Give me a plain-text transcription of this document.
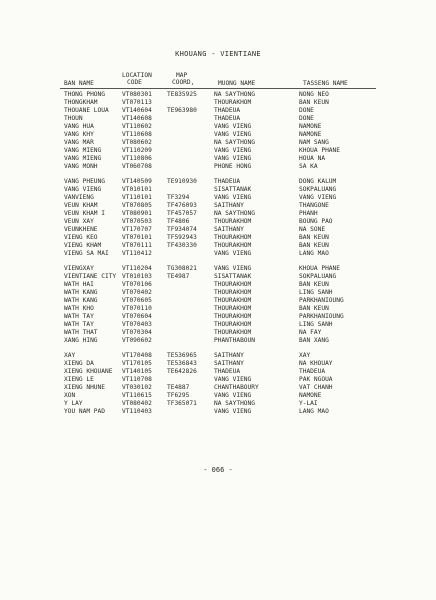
KHOUANG - VIENTIANE
BAN NAME
LOCATION
CODE
MAP
COORD,	MUONG NAME	TASSENG NAME
THONG PHONG	VT080301 TE835925	NA SAYTHONG	NONG NEO
THONGKHAM	VT070113	THOURAKHOM	BAN KEUN
THOUANE LOUA VT140604 TE963980	THADEUA	DONE
THOUN	VT140608	THADEUA	DONE
VANG HUA	VT110602	VANG VIENG	NAMONE
VANG KHY	VT110608	VANG VIENG	NAMONE
VANG MAR	VT080602	NA SAYTHONG	NAM SANG
VANG MIENG	VT110209	VANG VIENG	KHOUA PHANE
VANG MIENG	VT110806	VANG VIENG	HOUA NA
VANG MONH	VT060708	PHONE HONG	SA KA
VANG PHEUNG	VT140509 TE910930	THADEUA	DONG KALUM
VANG VIENG	VT010101	SISATTANAK	SOKPALUANG
VANVIENG	VT110101 TF3294	VANG VIENG	VANG VIENG
VEUN KHAM	VT070805 TF476093	SAITHANY	THANGONE
VEUN KHAM I	VT080901 TF457057	NA SAYTHONG	PHANH
VEUN XAY	VT070503 TF4806	THOURAKHOM	BOUNG PAO
VEUNKHENE	VT170707 TF934074	SAITHANY	NA SONE
VIENG KEO	VT070101 TF592943	THOURAKHOM	BAN KEUN
VIENG KHAM	VT070111 TF430330	THOURAKHOM	BAN KEUN
VIENG SA MAI VT110412	VANG VIENG	LANG MAO
VIENGXAY	VT110204 TG308021	VANG VIENG	KHOUA PHANE
VIENTIANE CITY VT010103 TE4987	SISATTANAK	SOKPALUANG
WATH HAI	VT070106	THOURAKHOM	BAN KEUN
WATH KANG	VT070402	THOURAKHOM	LING SANH
WATH KANG	VT070605	THOURAKHOM	PARKHANIOUNG
WATH KHO	VT070110	THOURAKHOM	BAN KEUN
WATH TAY	VT070604	THOURAKHOM	PARKHANIOUNG
WATH TAY	VT070403	THOURAKHOM	LING SANH
WATH THAT	VT070304	THOURAKHOM	NA FAY
XANG HING	VT090602	PHANTHABOUN	BAN XANG
XAY	VT170408 TE536965	SAITHANY	XAY
XIENG DA	VT170105 TE536843	SAITHANY	NA KHOUAY
XIENG KHOUANE VT140105 TE642826	THADEUA	THADEUA
XIENG LE	VT110708	VANG VIENG	PAK NGOUA
XIENG NHUNE	VT030102 TE4887	CHANTHABOURY	VAT CHANH
XON	VT110615 TF6295	VANG VIENG	NAMONE
Y LAY	VT080402 TF365071	NA SAYTHONG	Y-LAI
YOU NAM PAD	VT110403	VANG VIENG	LANG MAO
- 066 -
